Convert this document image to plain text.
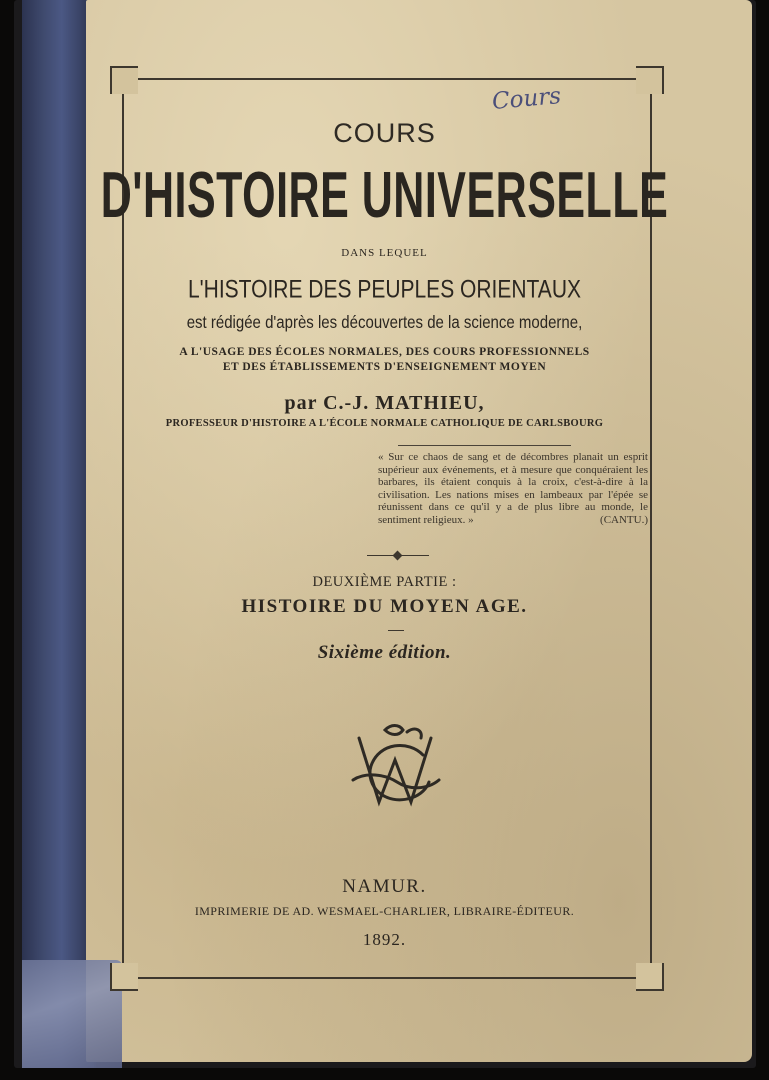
Cours
COURS
D'HISTOIRE UNIVERSELLE
DANS LEQUEL
L'HISTOIRE DES PEUPLES ORIENTAUX
est rédigée d'après les découvertes de la science moderne,
A L'USAGE DES ÉCOLES NORMALES, DES COURS PROFESSIONNELS
ET DES ÉTABLISSEMENTS D'ENSEIGNEMENT MOYEN
par C.-J. MATHIEU,
PROFESSEUR D'HISTOIRE A L'ÉCOLE NORMALE CATHOLIQUE DE CARLSBOURG
« Sur ce chaos de sang et de décombres planait un esprit supérieur aux événements, et à mesure que conquéraient les barbares, ils étaient conquis à la croix, c'est-à-dire à la civilisation. Les nations mises en lambeaux par l'épée se réunissent dans ce qu'il y a de plus libre au monde, le sentiment religieux. »	(CANTU.)
DEUXIÈME PARTIE :
HISTOIRE DU MOYEN AGE.
Sixième édition.
NAMUR.
IMPRIMERIE DE AD. WESMAEL-CHARLIER, LIBRAIRE-ÉDITEUR.
1892.
